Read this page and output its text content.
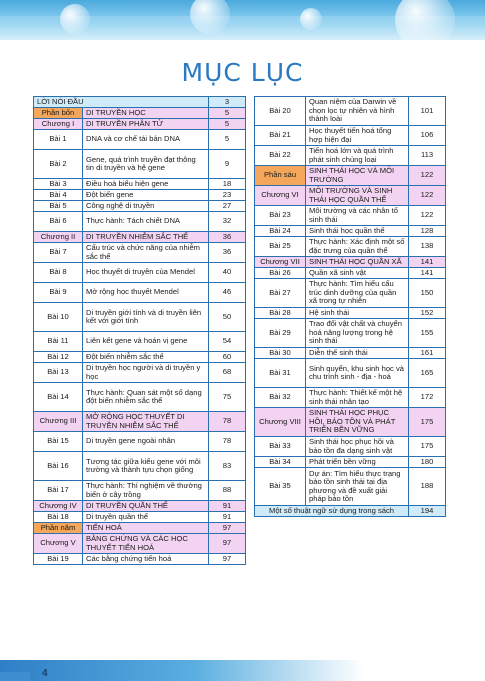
MỤC LỤC
LỜI NÓI ĐẦU		3
Phần bốn	DI TRUYỀN HỌC	5
Chương I	DI TRUYỀN PHÂN TỬ	5
Bài 1	DNA và cơ chế tái bản DNA	5
Bài 2	Gene, quá trình truyền đạt thông tin di truyền và hệ gene	9
Bài 3	Điều hoà biểu hiện gene	18
Bài 4	Đột biến gene	23
Bài 5	Công nghệ di truyền	27
Bài 6	Thực hành: Tách chiết DNA	32
Chương II	DI TRUYỀN NHIỄM SẮC THỂ	36
Bài 7	Cấu trúc và chức năng của nhiễm sắc thể	36
Bài 8	Học thuyết di truyền của Mendel	40
Bài 9	Mở rộng học thuyết Mendel	46
Bài 10	Di truyền giới tính và di truyền liên kết với giới tính	50
Bài 11	Liên kết gene và hoán vị gene	54
Bài 12	Đột biến nhiễm sắc thể	60
Bài 13	Di truyền học người và di truyền y học	68
Bài 14	Thực hành: Quan sát một số dạng đột biến nhiễm sắc thể	75
Chương III	MỞ RỘNG HỌC THUYẾT DI TRUYỀN NHIỄM SẮC THỂ	78
Bài 15	Di truyền gene ngoài nhân	78
Bài 16	Tương tác giữa kiểu gene với môi trường và thành tựu chọn giống	83
Bài 17	Thực hành: Thí nghiệm về thường biến ở cây trồng	88
Chương IV	DI TRUYỀN QUẦN THỂ	91
Bài 18	Di truyền quần thể	91
Phần năm	TIẾN HOÁ	97
Chương V	BẰNG CHỨNG VÀ CÁC HỌC THUYẾT TIẾN HOÁ	97
Bài 19	Các bằng chứng tiến hoá	97
Bài 20	Quan niệm của Darwin về chọn lọc tự nhiên và hình thành loài	101
Bài 21	Học thuyết tiến hoá tổng hợp hiện đại	106
Bài 22	Tiến hoá lớn và quá trình phát sinh chủng loại	113
Phần sáu	SINH THÁI HỌC VÀ MÔI TRƯỜNG	122
Chương VI	MÔI TRƯỜNG VÀ SINH THÁI HỌC QUẦN THỂ	122
Bài 23	Môi trường và các nhân tố sinh thái	122
Bài 24	Sinh thái học quần thể	128
Bài 25	Thực hành: Xác định một số đặc trưng của quần thể	138
Chương VII	SINH THÁI HỌC QUẦN XÃ	141
Bài 26	Quần xã sinh vật	141
Bài 27	Thực hành: Tìm hiểu cấu trúc dinh dưỡng của quần xã trong tự nhiên	150
Bài 28	Hệ sinh thái	152
Bài 29	Trao đổi vật chất và chuyển hoá năng lượng trong hệ sinh thái	155
Bài 30	Diễn thế sinh thái	161
Bài 31	Sinh quyển, khu sinh học và chu trình sinh - địa - hoá	165
Bài 32	Thực hành: Thiết kế một hệ sinh thái nhân tạo	172
Chương VIII	SINH THÁI HỌC PHỤC HỒI, BẢO TỒN VÀ PHÁT TRIỂN BỀN VỮNG	175
Bài 33	Sinh thái học phục hồi và bảo tồn đa dạng sinh vật	175
Bài 34	Phát triển bền vững	180
Bài 35	Dự án: Tìm hiểu thực trạng bảo tồn sinh thái tại địa phương và đề xuất giải pháp bảo tồn	188
Một số thuật ngữ sử dụng trong sách		194
4
